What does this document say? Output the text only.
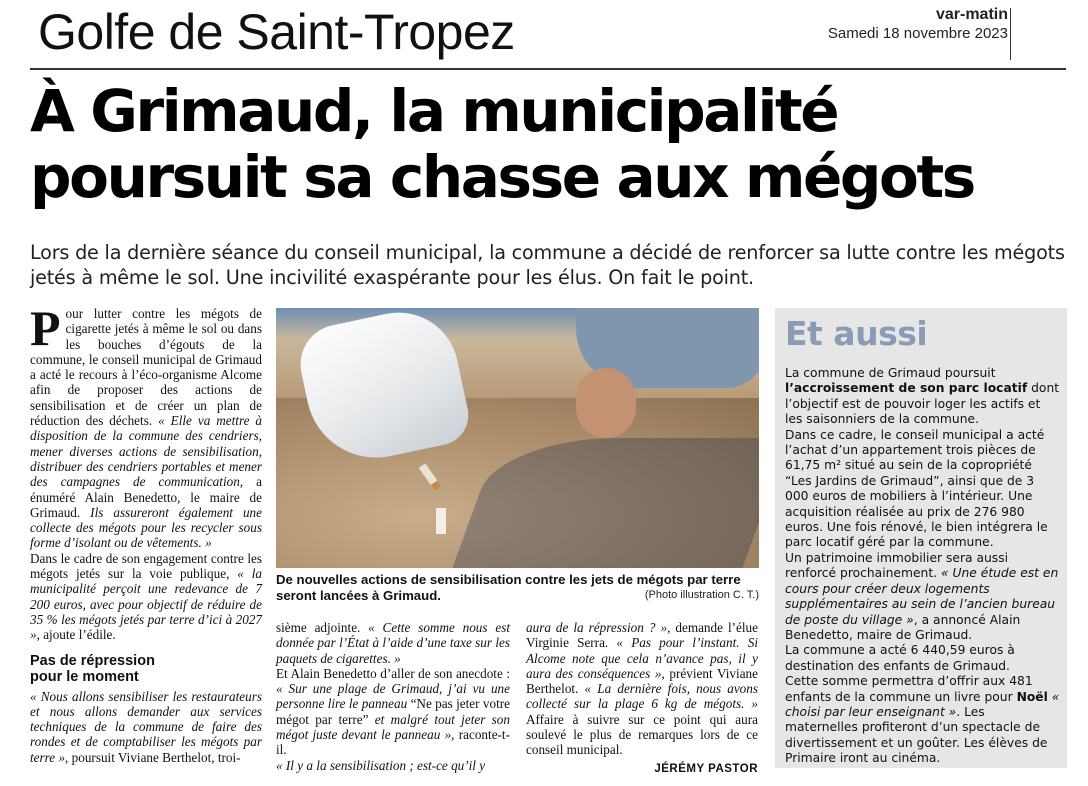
Golfe de Saint-Tropez	var-matin
Samedi 18 novembre 2023
À Grimaud, la municipalité
poursuit sa chasse aux mégots
Lors de la dernière séance du conseil municipal, la commune a décidé de renforcer sa lutte contre les mégots jetés à même le sol. Une incivilité exaspérante pour les élus. On fait le point.

Pour lutter contre les mégots de cigarette jetés à même le sol ou dans les bouches d’égouts de la commune, le conseil municipal de Grimaud a acté le recours à l’éco-organisme Alcome afin de proposer des actions de sensibilisation et de créer un plan de réduction des déchets. « Elle va mettre à disposition de la commune des cendriers, mener diverses actions de sensibilisation, distribuer des cendriers portables et mener des campagnes de communication, a énuméré Alain Benedetto, le maire de Grimaud. Ils assureront également une collecte des mégots pour les recycler sous forme d’isolant ou de vêtements. »

Dans le cadre de son engagement contre les mégots jetés sur la voie publique, « la municipalité perçoit une redevance de 7 200 euros, avec pour objectif de réduire de 35 % les mégots jetés par terre d’ici à 2027 », ajoute l’édile.

Pas de répression
pour le moment

« Nous allons sensibiliser les restaurateurs et nous allons demander aux services techniques de la commune de faire des rondes et de comptabiliser les mégots par terre », poursuit Viviane Berthelot, troi-

De nouvelles actions de sensibilisation contre les jets de mégots par terre seront lancées à Grimaud.	(Photo illustration C. T.)
sième adjointe. « Cette somme nous est donnée par l’État à l’aide d’une taxe sur les paquets de cigarettes. »
Et Alain Benedetto d’aller de son anecdote : « Sur une plage de Grimaud, j’ai vu une personne lire le panneau “Ne pas jeter votre mégot par terre” et malgré tout jeter son mégot juste devant le panneau », raconte-t-il.
« Il y a la sensibilisation ; est-ce qu’il y
aura de la répression ? », demande l’élue Virginie Serra. « Pas pour l’instant. Si Alcome note que cela n’avance pas, il y aura des conséquences », prévient Viviane Berthelot. « La dernière fois, nous avons collecté sur la plage 6 kg de mégots. » Affaire à suivre sur ce point qui aura soulevé le plus de remarques lors de ce conseil municipal.
JÉRÉMY PASTOR
Et aussi

La commune de Grimaud poursuit l’accroissement de son parc locatif dont l’objectif est de pouvoir loger les actifs et les saisonniers de la commune.

Dans ce cadre, le conseil municipal a acté l’achat d’un appartement trois pièces de 61,75 m² situé au sein de la copropriété “Les Jardins de Grimaud”, ainsi que de 3 000 euros de mobiliers à l’intérieur. Une acquisition réalisée au prix de 276 980 euros. Une fois rénové, le bien intégrera le parc locatif géré par la commune.

Un patrimoine immobilier sera aussi renforcé prochainement. « Une étude est en cours pour créer deux logements supplémentaires au sein de l’ancien bureau de poste du village », a annoncé Alain Benedetto, maire de Grimaud.

La commune a acté 6 440,59 euros à destination des enfants de Grimaud.

Cette somme permettra d’offrir aux 481 enfants de la commune un livre pour Noël « choisi par leur enseignant ». Les maternelles profiteront d’un spectacle de divertissement et un goûter. Les élèves de Primaire iront au cinéma.
